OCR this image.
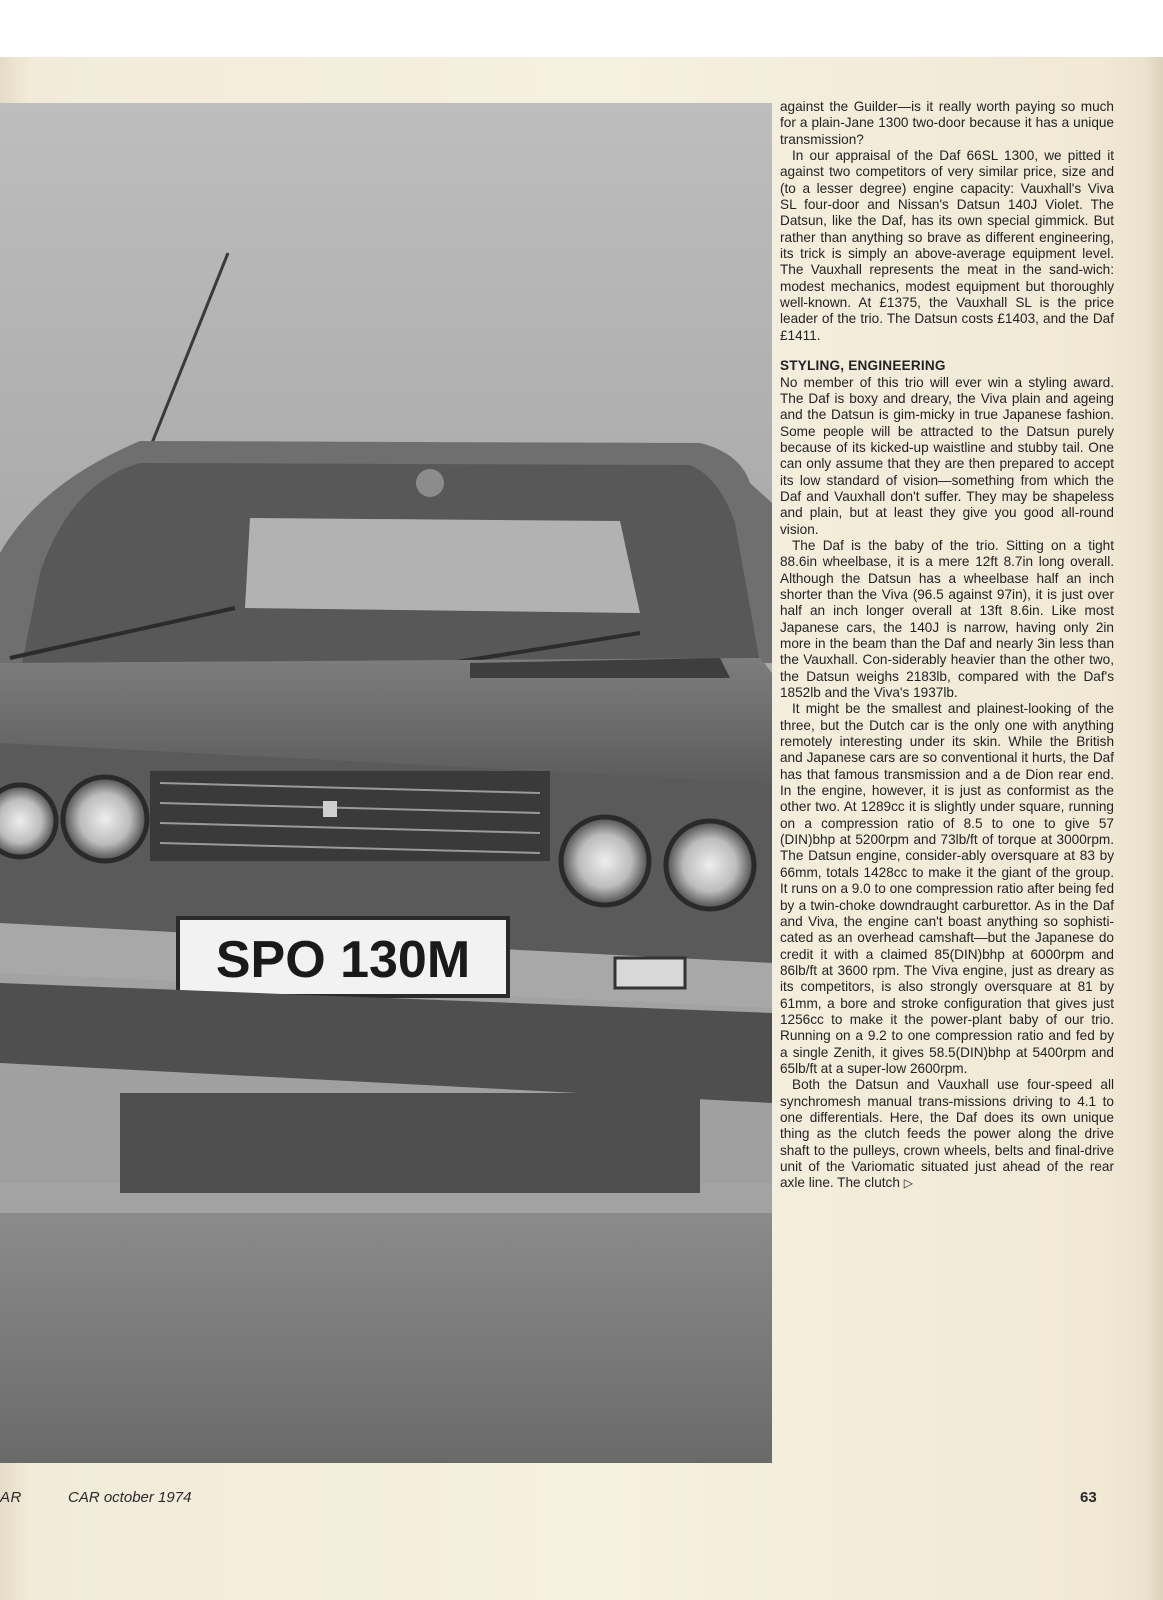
SPO 130M

against the Guilder—is it really worth paying so much for a plain-Jane 1300 two-door because it has a unique transmission?

In our appraisal of the Daf 66SL 1300, we pitted it against two competitors of very similar price, size and (to a lesser degree) engine capacity: Vauxhall's Viva SL four-door and Nissan's Datsun 140J Violet. The Datsun, like the Daf, has its own special gimmick. But rather than anything so brave as different engineering, its trick is simply an above-average equipment level. The Vauxhall represents the meat in the sand-wich: modest mechanics, modest equipment but thoroughly well-known. At £1375, the Vauxhall SL is the price leader of the trio. The Datsun costs £1403, and the Daf £1411.

STYLING, ENGINEERING

No member of this trio will ever win a styling award. The Daf is boxy and dreary, the Viva plain and ageing and the Datsun is gim-micky in true Japanese fashion. Some people will be attracted to the Datsun purely because of its kicked-up waistline and stubby tail. One can only assume that they are then prepared to accept its low standard of vision—something from which the Daf and Vauxhall don't suffer. They may be shapeless and plain, but at least they give you good all-round vision.

The Daf is the baby of the trio. Sitting on a tight 88.6in wheelbase, it is a mere 12ft 8.7in long overall. Although the Datsun has a wheelbase half an inch shorter than the Viva (96.5 against 97in), it is just over half an inch longer overall at 13ft 8.6in. Like most Japanese cars, the 140J is narrow, having only 2in more in the beam than the Daf and nearly 3in less than the Vauxhall. Con-siderably heavier than the other two, the Datsun weighs 2183lb, compared with the Daf's 1852lb and the Viva's 1937lb.

It might be the smallest and plainest-looking of the three, but the Dutch car is the only one with anything remotely interesting under its skin. While the British and Japanese cars are so conventional it hurts, the Daf has that famous transmission and a de Dion rear end. In the engine, however, it is just as conformist as the other two. At 1289cc it is slightly under square, running on a compression ratio of 8.5 to one to give 57 (DIN)bhp at 5200rpm and 73lb/ft of torque at 3000rpm. The Datsun engine, consider-ably oversquare at 83 by 66mm, totals 1428cc to make it the giant of the group. It runs on a 9.0 to one compression ratio after being fed by a twin-choke downdraught carburettor. As in the Daf and Viva, the engine can't boast anything so sophisti-cated as an overhead camshaft—but the Japanese do credit it with a claimed 85(DIN)bhp at 6000rpm and 86lb/ft at 3600 rpm. The Viva engine, just as dreary as its competitors, is also strongly oversquare at 81 by 61mm, a bore and stroke configuration that gives just 1256cc to make it the power-plant baby of our trio. Running on a 9.2 to one compression ratio and fed by a single Zenith, it gives 58.5(DIN)bhp at 5400rpm and 65lb/ft at a super-low 2600rpm.

Both the Datsun and Vauxhall use four-speed all synchromesh manual trans-missions driving to 4.1 to one differentials. Here, the Daf does its own unique thing as the clutch feeds the power along the drive shaft to the pulleys, crown wheels, belts and final-drive unit of the Variomatic situated just ahead of the rear axle line. The clutch ▷

AR	CAR october 1974	63
